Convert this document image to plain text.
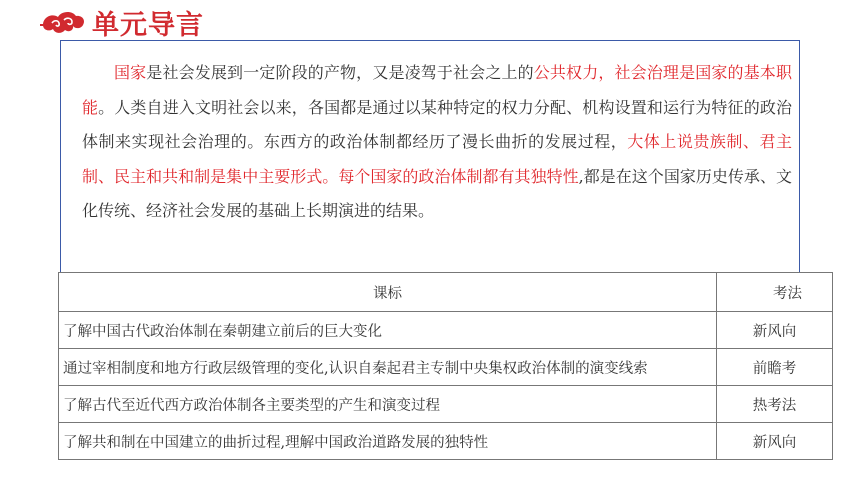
单元导言
国家是社会发展到一定阶段的产物，又是凌驾于社会之上的公共权力，社会治理是国家的基本职能。人类自进入文明社会以来，各国都是通过以某种特定的权力分配、机构设置和运行为特征的政治体制来实现社会治理的。东西方的政治体制都经历了漫长曲折的发展过程，大体上说贵族制、君主制、民主和共和制是集中主要形式。每个国家的政治体制都有其独特性,都是在这个国家历史传承、文化传统、经济社会发展的基础上长期演进的结果。
课标	考法
了解中国古代政治体制在秦朝建立前后的巨大变化	新风向
通过宰相制度和地方行政层级管理的变化,认识自秦起君主专制中央集权政治体制的演变线索	前瞻考
了解古代至近代西方政治体制各主要类型的产生和演变过程	热考法
了解共和制在中国建立的曲折过程,理解中国政治道路发展的独特性	新风向
